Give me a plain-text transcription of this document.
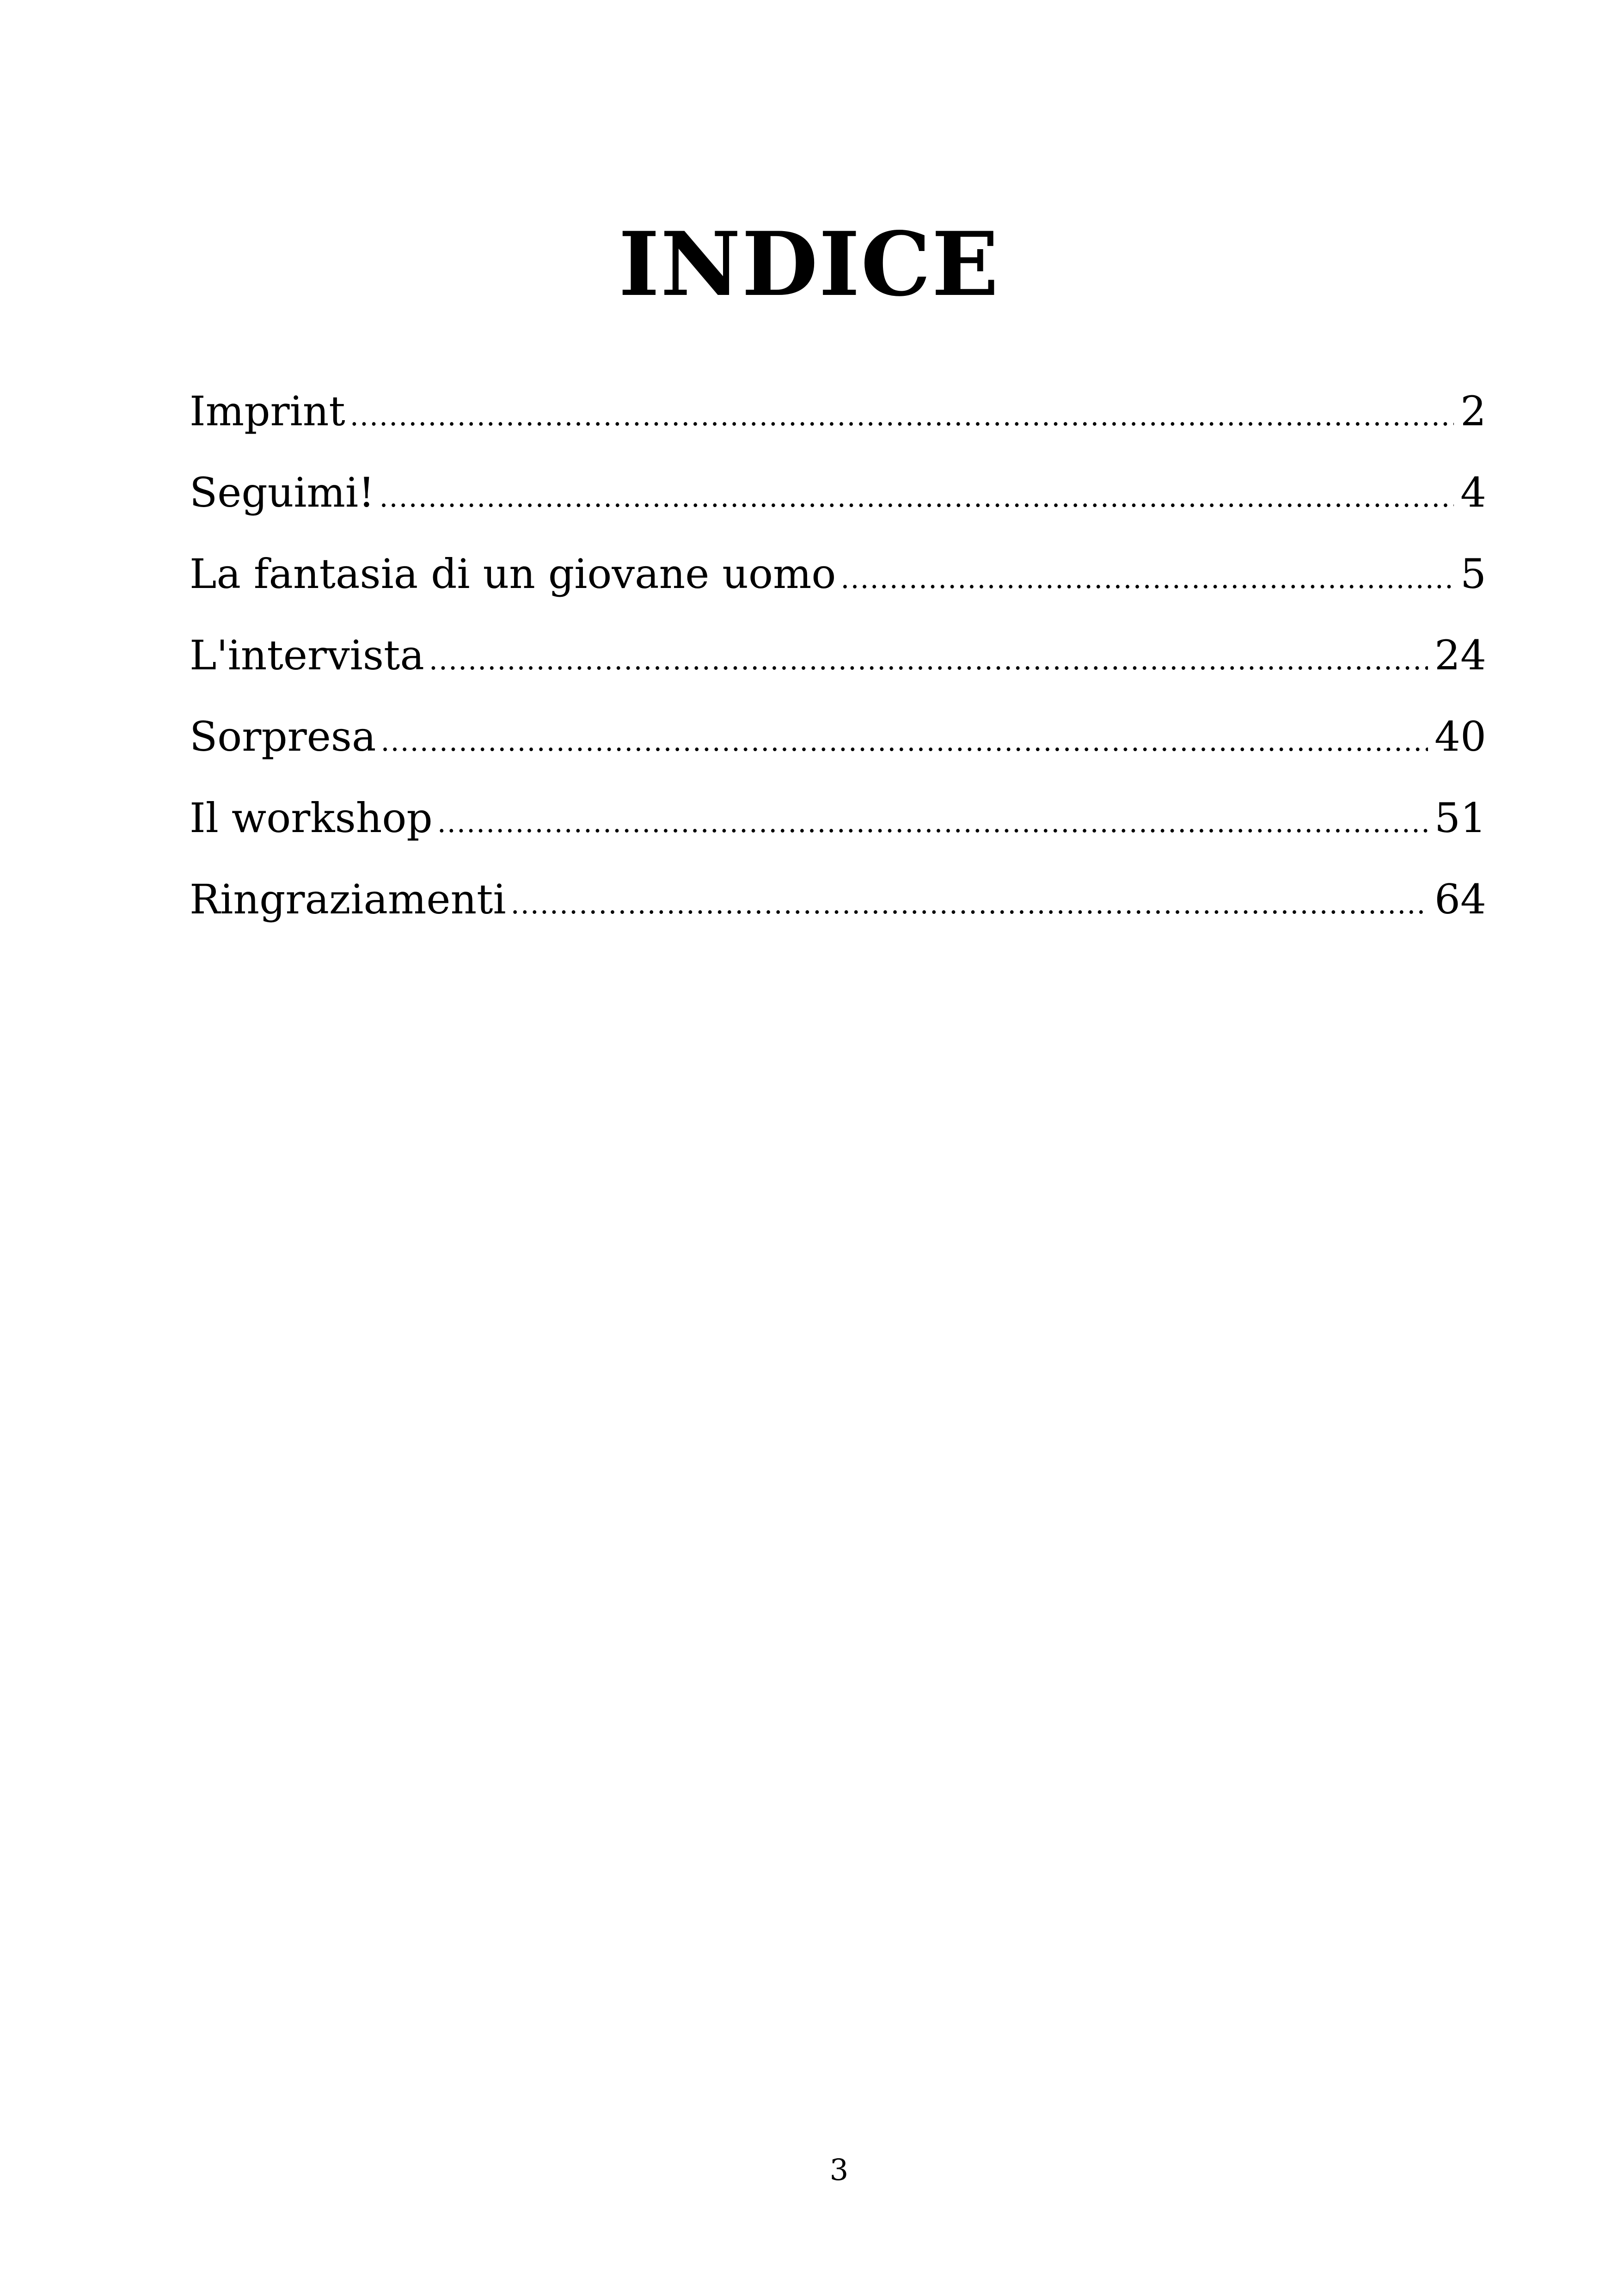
INDICE
Imprint .....	2
Seguimi! .....	4
La fantasia di un giovane uomo .....	5
L'intervista .....	24
Sorpresa .....	40
Il workshop .....	51
Ringraziamenti .....	64
3
